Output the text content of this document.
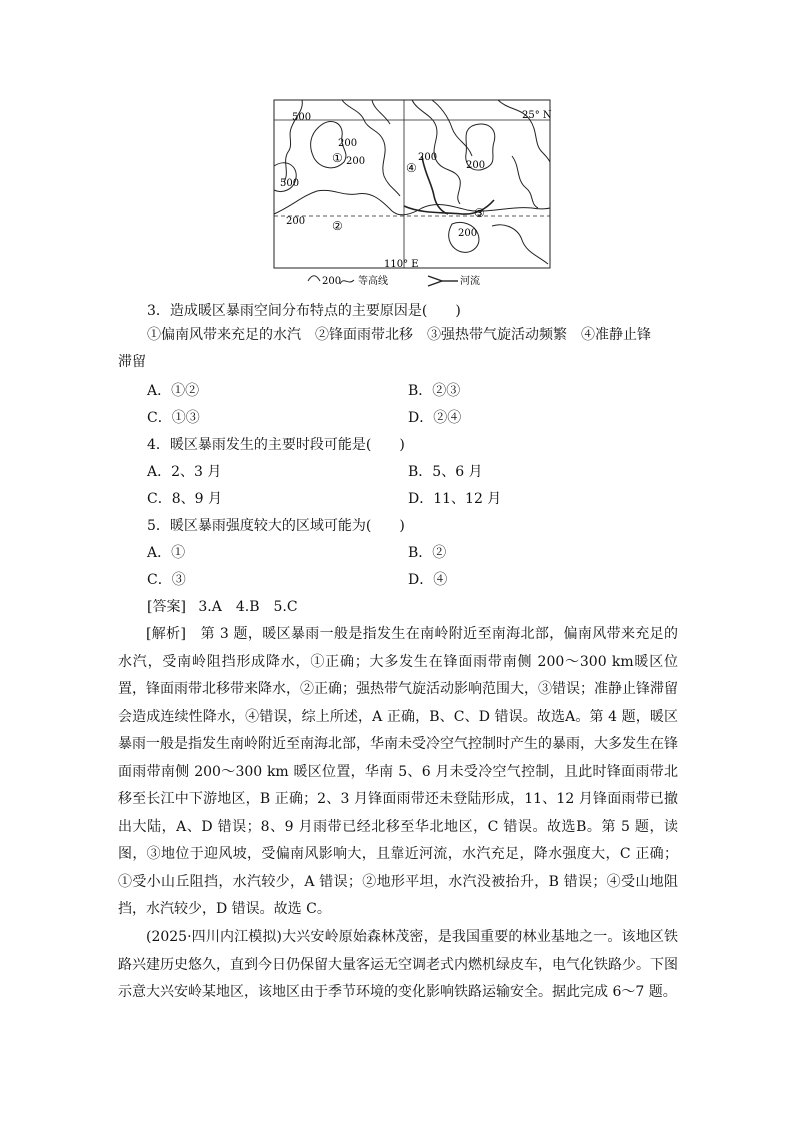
500
200
200
500
200
200
200
200
①
②
③
④
25° N
110° E
200 等高线	河流
3．造成暖区暴雨空间分布特点的主要原因是(　　)
①偏南风带来充足的水汽　②锋面雨带北移　③强热带气旋活动频繁　④准静止锋
滞留
A．①②	B．②③
C．①③	D．②④
4．暖区暴雨发生的主要时段可能是(　　)
A．2、3 月	B．5、6 月
C．8、9 月	D．11、12 月
5．暖区暴雨强度较大的区域可能为(　　)
A．①	B．②
C．③	D．④
[答案] 3.A　4.B　5.C
[解析]　第 3 题，暖区暴雨一般是指发生在南岭附近至南海北部，偏南风带来充足的水汽，受南岭阻挡形成降水，①正确；大多发生在锋面雨带南侧 200～300 km暖区位置，锋面雨带北移带来降水，②正确；强热带气旋活动影响范围大，③错误；准静止锋滞留会造成连续性降水，④错误，综上所述，A 正确，B、C、D 错误。故选A。第 4 题，暖区暴雨一般是指发生南岭附近至南海北部，华南未受冷空气控制时产生的暴雨，大多发生在锋面雨带南侧 200～300 km 暖区位置，华南 5、6 月未受冷空气控制，且此时锋面雨带北移至长江中下游地区，B 正确；2、3 月锋面雨带还未登陆形成，11、12 月锋面雨带已撤出大陆，A、D 错误；8、9 月雨带已经北移至华北地区，C 错误。故选B。第 5 题，读图，③地位于迎风坡，受偏南风影响大，且靠近河流，水汽充足，降水强度大，C 正确；①受小山丘阻挡，水汽较少，A 错误；②地形平坦，水汽没被抬升，B 错误；④受山地阻挡，水汽较少，D 错误。故选 C。
(2025·四川内江模拟)大兴安岭原始森林茂密，是我国重要的林业基地之一。该地区铁路兴建历史悠久，直到今日仍保留大量客运无空调老式内燃机绿皮车，电气化铁路少。下图示意大兴安岭某地区，该地区由于季节环境的变化影响铁路运输安全。据此完成 6～7 题。
